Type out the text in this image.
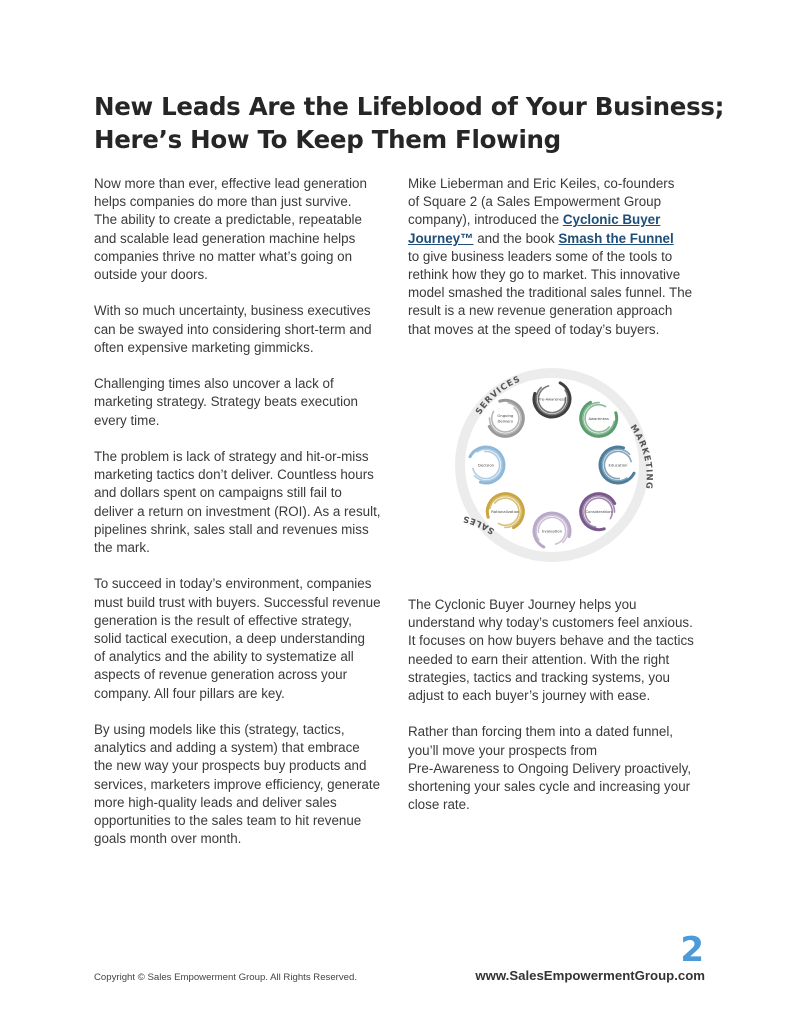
New Leads Are the Lifeblood of Your Business;
Here’s How To Keep Them Flowing

Now more than ever, effective lead generation
helps companies do more than just survive.
The ability to create a predictable, repeatable
and scalable lead generation machine helps
companies thrive no matter what’s going on
outside your doors.

With so much uncertainty, business executives
can be swayed into considering short-term and
often expensive marketing gimmicks.

Challenging times also uncover a lack of
marketing strategy. Strategy beats execution
every time.

The problem is lack of strategy and hit-or-miss
marketing tactics don’t deliver. Countless hours
and dollars spent on campaigns still fail to
deliver a return on investment (ROI). As a result,
pipelines shrink, sales stall and revenues miss
the mark.

To succeed in today’s environment, companies
must build trust with buyers. Successful revenue
generation is the result of effective strategy,
solid tactical execution, a deep understanding
of analytics and the ability to systematize all
aspects of revenue generation across your
company. All four pillars are key.

By using models like this (strategy, tactics,
analytics and adding a system) that embrace
the new way your prospects buy products and
services, marketers improve efficiency, generate
more high-quality leads and deliver sales
opportunities to the sales team to hit revenue
goals month over month.

Mike Lieberman and Eric Keiles, co-founders
of Square 2 (a Sales Empowerment Group
company), introduced the Cyclonic Buyer
Journey™ and the book Smash the Funnel
to give business leaders some of the tools to
rethink how they go to market. This innovative
model smashed the traditional sales funnel. The
result is a new revenue generation approach
that moves at the speed of today’s buyers.

SERVICES
MARKETING
SALES
Pre-Awareness
Awareness
Education
Consideration
Evaluation
Rationalization
Decision
Ongoing
Delivery

The Cyclonic Buyer Journey helps you
understand why today’s customers feel anxious.
It focuses on how buyers behave and the tactics
needed to earn their attention. With the right
strategies, tactics and tracking systems, you
adjust to each buyer’s journey with ease.

Rather than forcing them into a dated funnel,
you’ll move your prospects from
Pre-Awareness to Ongoing Delivery proactively,
shortening your sales cycle and increasing your
close rate.

2
Copyright © Sales Empowerment Group. All Rights Reserved.	www.SalesEmpowermentGroup.com
